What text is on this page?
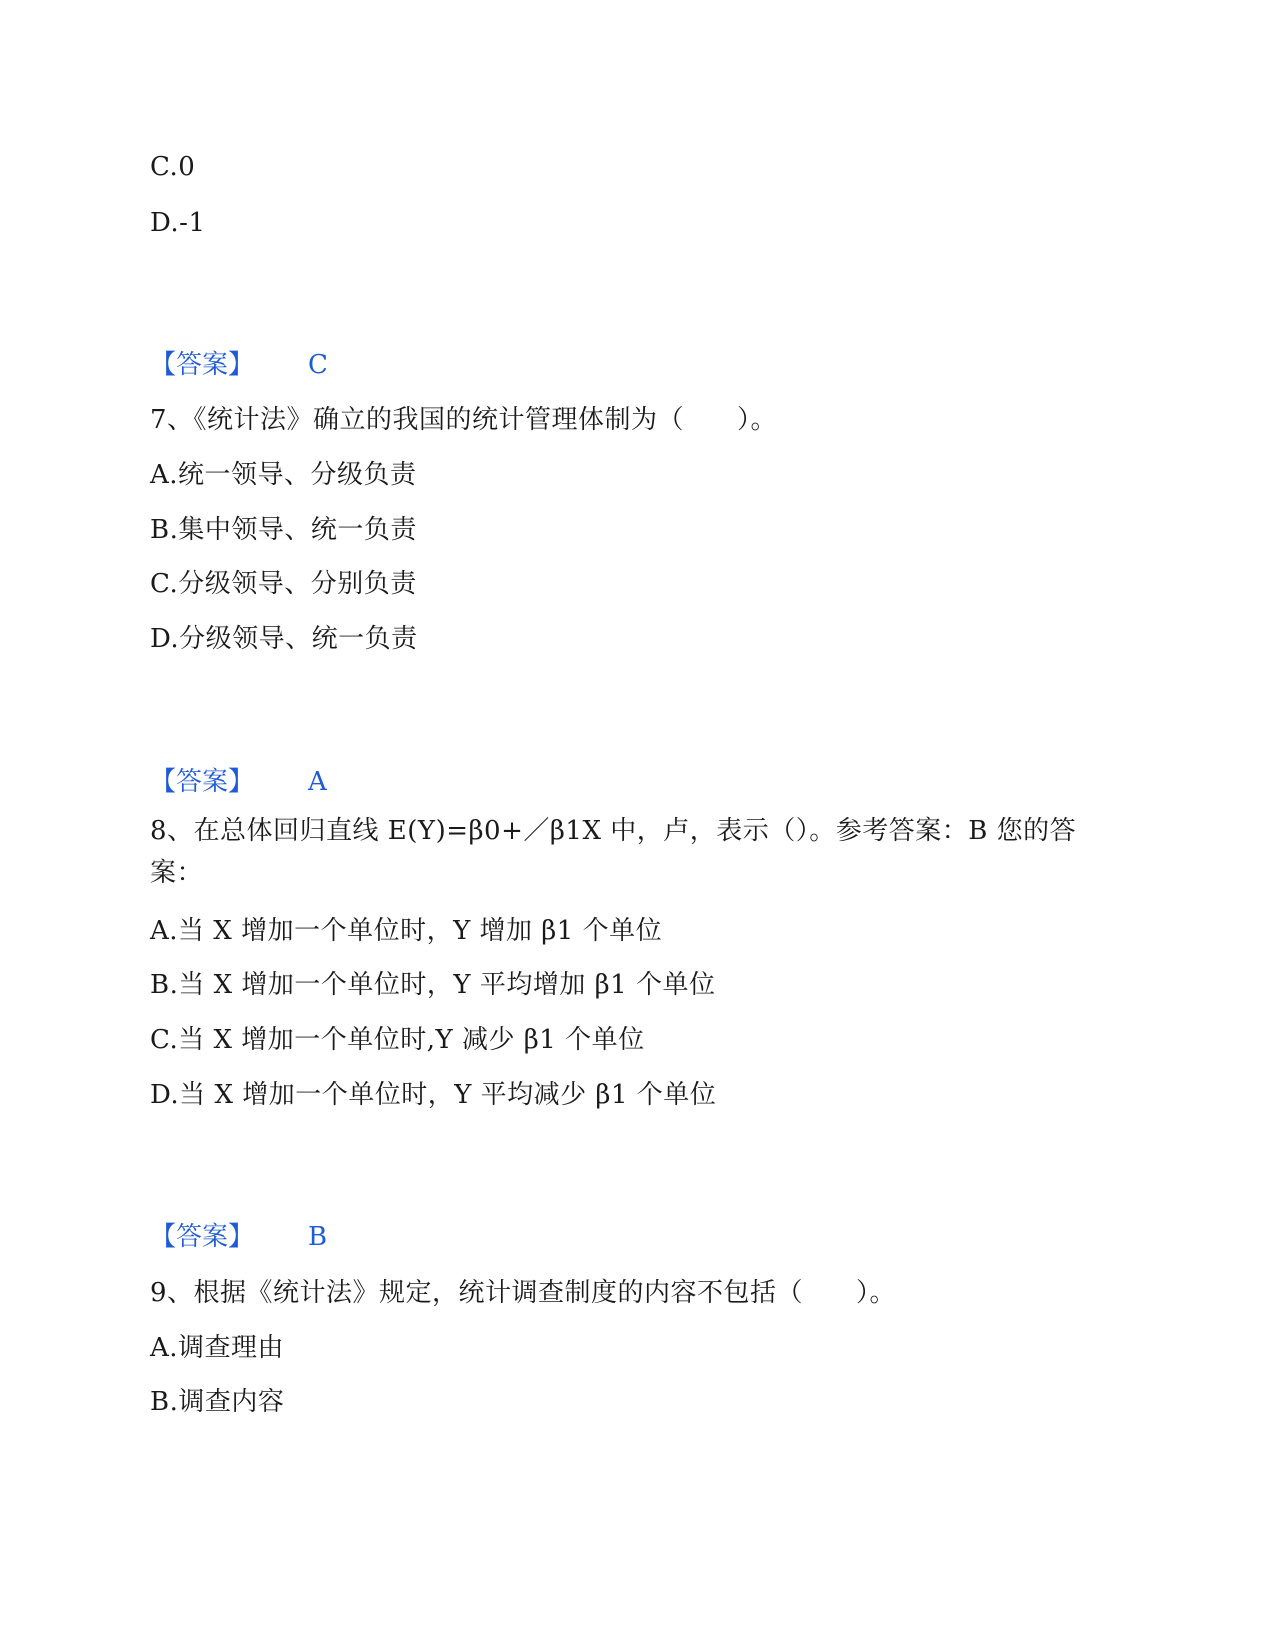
C.0
D.-1
【答案】 C
7、《统计法》确立的我国的统计管理体制为（　　）。
A.统一领导、分级负责
B.集中领导、统一负责
C.分级领导、分别负责
D.分级领导、统一负责
【答案】 A
8、在总体回归直线 E(Y)=β0+／β1X 中，卢，表示（）。参考答案：B 您的答案：
A.当 X 增加一个单位时，Y 增加 β1 个单位
B.当 X 增加一个单位时，Y 平均增加 β1 个单位
C.当 X 增加一个单位时,Y 减少 β1 个单位
D.当 X 增加一个单位时，Y 平均减少 β1 个单位
【答案】 B
9、根据《统计法》规定，统计调查制度的内容不包括（　　）。
A.调查理由
B.调查内容
